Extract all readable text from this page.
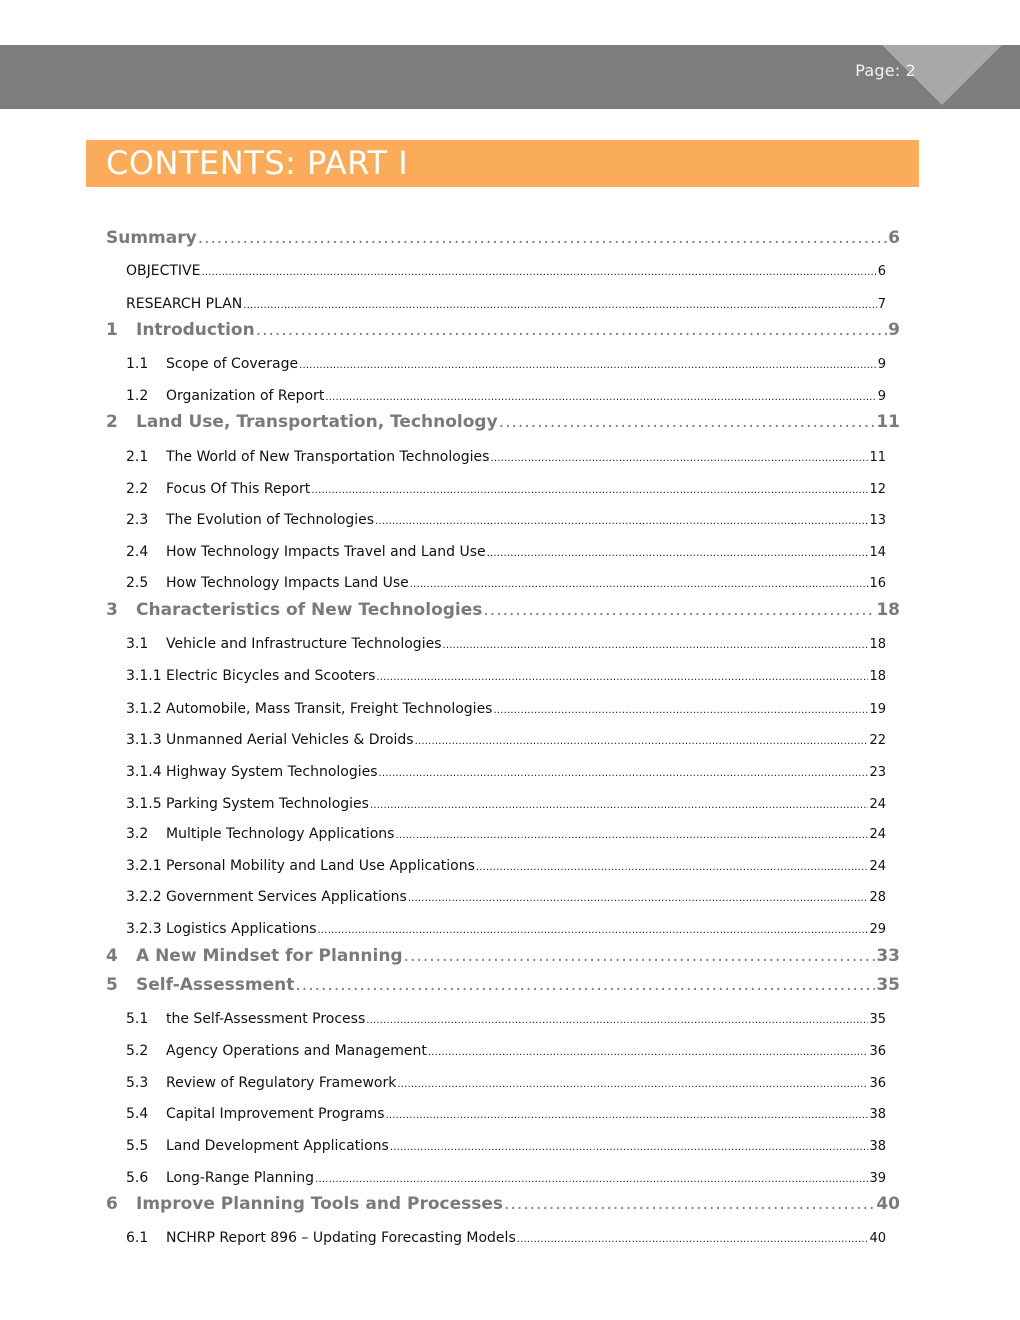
Page: 2
CONTENTS: PART I
Summary .....	6
OBJECTIVE .....	6
RESEARCH PLAN .....	7
1	Introduction .....	9
1.1	Scope of Coverage .....	9
1.2	Organization of Report .....	9
2	Land Use, Transportation, Technology .....	11
2.1	The World of New Transportation Technologies .....	11
2.2	Focus Of This Report .....	12
2.3	The Evolution of Technologies .....	13
2.4	How Technology Impacts Travel and Land Use .....	14
2.5	How Technology Impacts Land Use .....	16
3	Characteristics of New Technologies .....	18
3.1	Vehicle and Infrastructure Technologies .....	18
3.1.1 Electric Bicycles and Scooters .....	18
3.1.2 Automobile, Mass Transit, Freight Technologies .....	19
3.1.3 Unmanned Aerial Vehicles & Droids .....	22
3.1.4 Highway System Technologies .....	23
3.1.5 Parking System Technologies .....	24
3.2	Multiple Technology Applications .....	24
3.2.1 Personal Mobility and Land Use Applications .....	24
3.2.2 Government Services Applications .....	28
3.2.3 Logistics Applications .....	29
4	A New Mindset for Planning .....	33
5	Self-Assessment .....	35
5.1	the Self-Assessment Process .....	35
5.2	Agency Operations and Management .....	36
5.3	Review of Regulatory Framework .....	36
5.4	Capital Improvement Programs .....	38
5.5	Land Development Applications .....	38
5.6	Long-Range Planning .....	39
6	Improve Planning Tools and Processes .....	40
6.1	NCHRP Report 896 – Updating Forecasting Models .....	40
